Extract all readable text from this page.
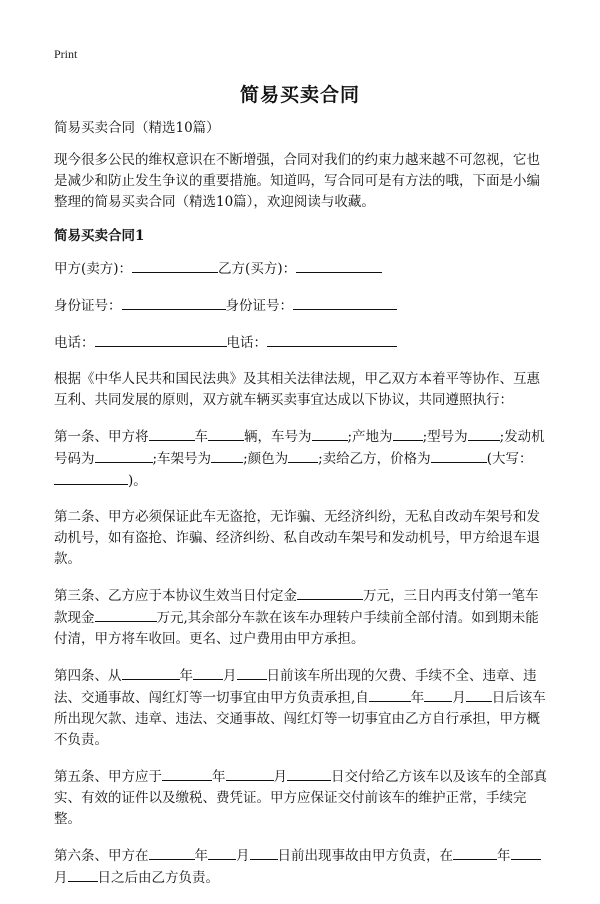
Print
简易买卖合同

简易买卖合同（精选10篇）

现今很多公民的维权意识在不断增强，合同对我们的约束力越来越不可忽视，它也是减少和防止发生争议的重要措施。知道吗，写合同可是有方法的哦，下面是小编整理的简易买卖合同（精选10篇），欢迎阅读与收藏。

简易买卖合同1

甲方(卖方)：	乙方(买方)：

身份证号：	身份证号：

电话：	电话：

根据《中华人民共和国民法典》及其相关法律法规，甲乙双方本着平等协作、互惠互利、共同发展的原则，双方就车辆买卖事宜达成以下协议，共同遵照执行：

第一条、甲方将	车	辆，车号为	;产地为 ;型号为 ;发动机号码为	;车架号为 ;颜色为 ;卖给乙方，价格为	(大写：)。

第二条、甲方必须保证此车无盗抢，无诈骗、无经济纠纷，无私自改动车架号和发动机号，如有盗抢、诈骗、经济纠纷、私自改动车架号和发动机号，甲方给退车退款。

第三条、乙方应于本协议生效当日付定金	万元，三日内再支付第一笔车款现金	万元,其余部分车款在该车办理转户手续前全部付清。如到期未能付清，甲方将车收回。更名、过户费用由甲方承担。

第四条、从	年 月 日前该车所出现的欠费、手续不全、违章、违法、交通事故、闯红灯等一切事宜由甲方负责承担,自	年 月 日后该车所出现欠款、违章、违法、交通事故、闯红灯等一切事宜由乙方自行承担，甲方概不负责。

第五条、甲方应于	年	月	日交付给乙方该车以及该车的全部真实、有效的证件以及缴税、费凭证。甲方应保证交付前该车的维护正常，手续完整。

第六条、甲方在	年 月 日前出现事故由甲方负责，在	年月 日之后由乙方负责。
